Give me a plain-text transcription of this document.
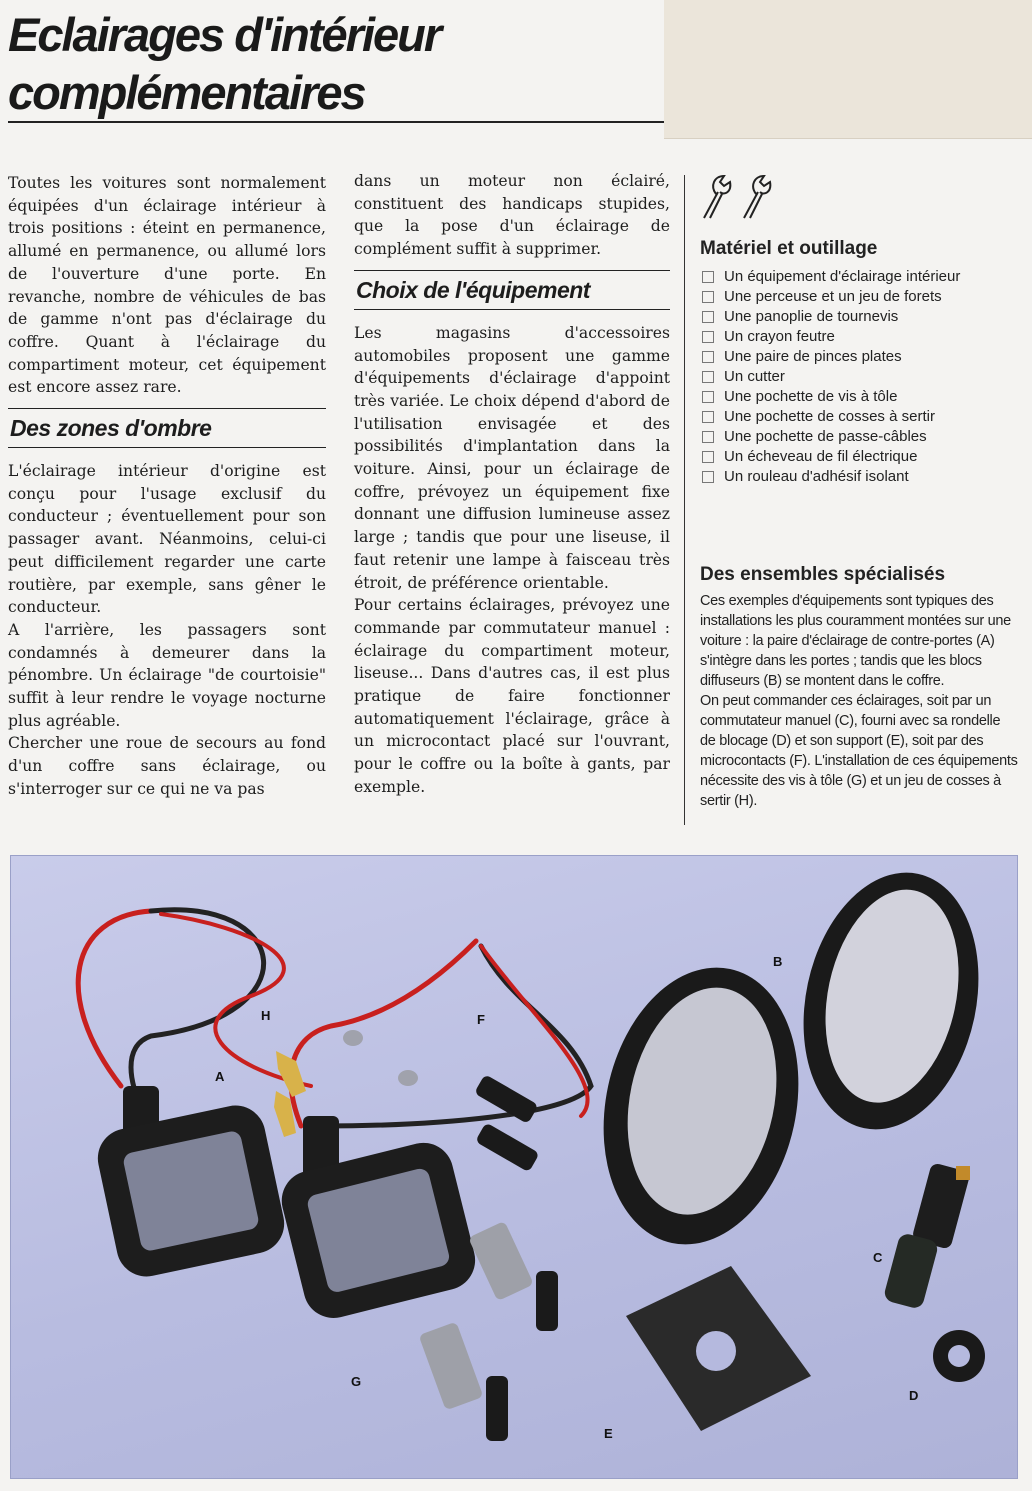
Eclairages d'intérieur
complémentaires

Toutes les voitures sont normalement équipées d'un éclairage intérieur à trois positions : éteint en permanence, allumé en permanence, ou allumé lors de l'ouverture d'une porte. En revanche, nombre de véhicules de bas de gamme n'ont pas d'éclairage du coffre. Quant à l'éclairage du compartiment moteur, cet équipement est encore assez rare.

Des zones d'ombre

L'éclairage intérieur d'origine est conçu pour l'usage exclusif du conducteur ; éventuellement pour son passager avant. Néanmoins, celui-ci peut difficilement regarder une carte routière, par exemple, sans gêner le conducteur.

A l'arrière, les passagers sont condamnés à demeurer dans la pénombre. Un éclairage "de courtoisie" suffit à leur rendre le voyage nocturne plus agréable.

Chercher une roue de secours au fond d'un coffre sans éclairage, ou s'interroger sur ce qui ne va pas

dans un moteur non éclairé, constituent des handicaps stupides, que la pose d'un éclairage de complément suffit à supprimer.

Choix de l'équipement

Les magasins d'accessoires automobiles proposent une gamme d'équipements d'éclairage d'appoint très variée. Le choix dépend d'abord de l'utilisation envisagée et des possibilités d'implantation dans la voiture. Ainsi, pour un éclairage de coffre, prévoyez un équipement fixe donnant une diffusion lumineuse assez large ; tandis que pour une liseuse, il faut retenir une lampe à faisceau très étroit, de préférence orientable.

Pour certains éclairages, prévoyez une commande par commutateur manuel : éclairage du compartiment moteur, liseuse... Dans d'autres cas, il est plus pratique de faire fonctionner automatiquement l'éclairage, grâce à un microcontact placé sur l'ouvrant, pour le coffre ou la boîte à gants, par exemple.

Matériel et outillage
Un équipement d'éclairage intérieur
Une perceuse et un jeu de forets
Une panoplie de tournevis
Un crayon feutre
Une paire de pinces plates
Un cutter
Une pochette de vis à tôle
Une pochette de cosses à sertir
Une pochette de passe-câbles
Un écheveau de fil électrique
Un rouleau d'adhésif isolant
Des ensembles spécialisés

Ces exemples d'équipements sont typiques des installations les plus couramment montées sur une voiture : la paire d'éclairage de contre-portes (A) s'intègre dans les portes ; tandis que les blocs diffuseurs (B) se montent dans le coffre.

On peut commander ces éclairages, soit par un commutateur manuel (C), fourni avec sa rondelle de blocage (D) et son support (E), soit par des microcontacts (F). L'installation de ces équipements nécessite des vis à tôle (G) et un jeu de cosses à sertir (H).

A
B
C
D
E
F
G
H
